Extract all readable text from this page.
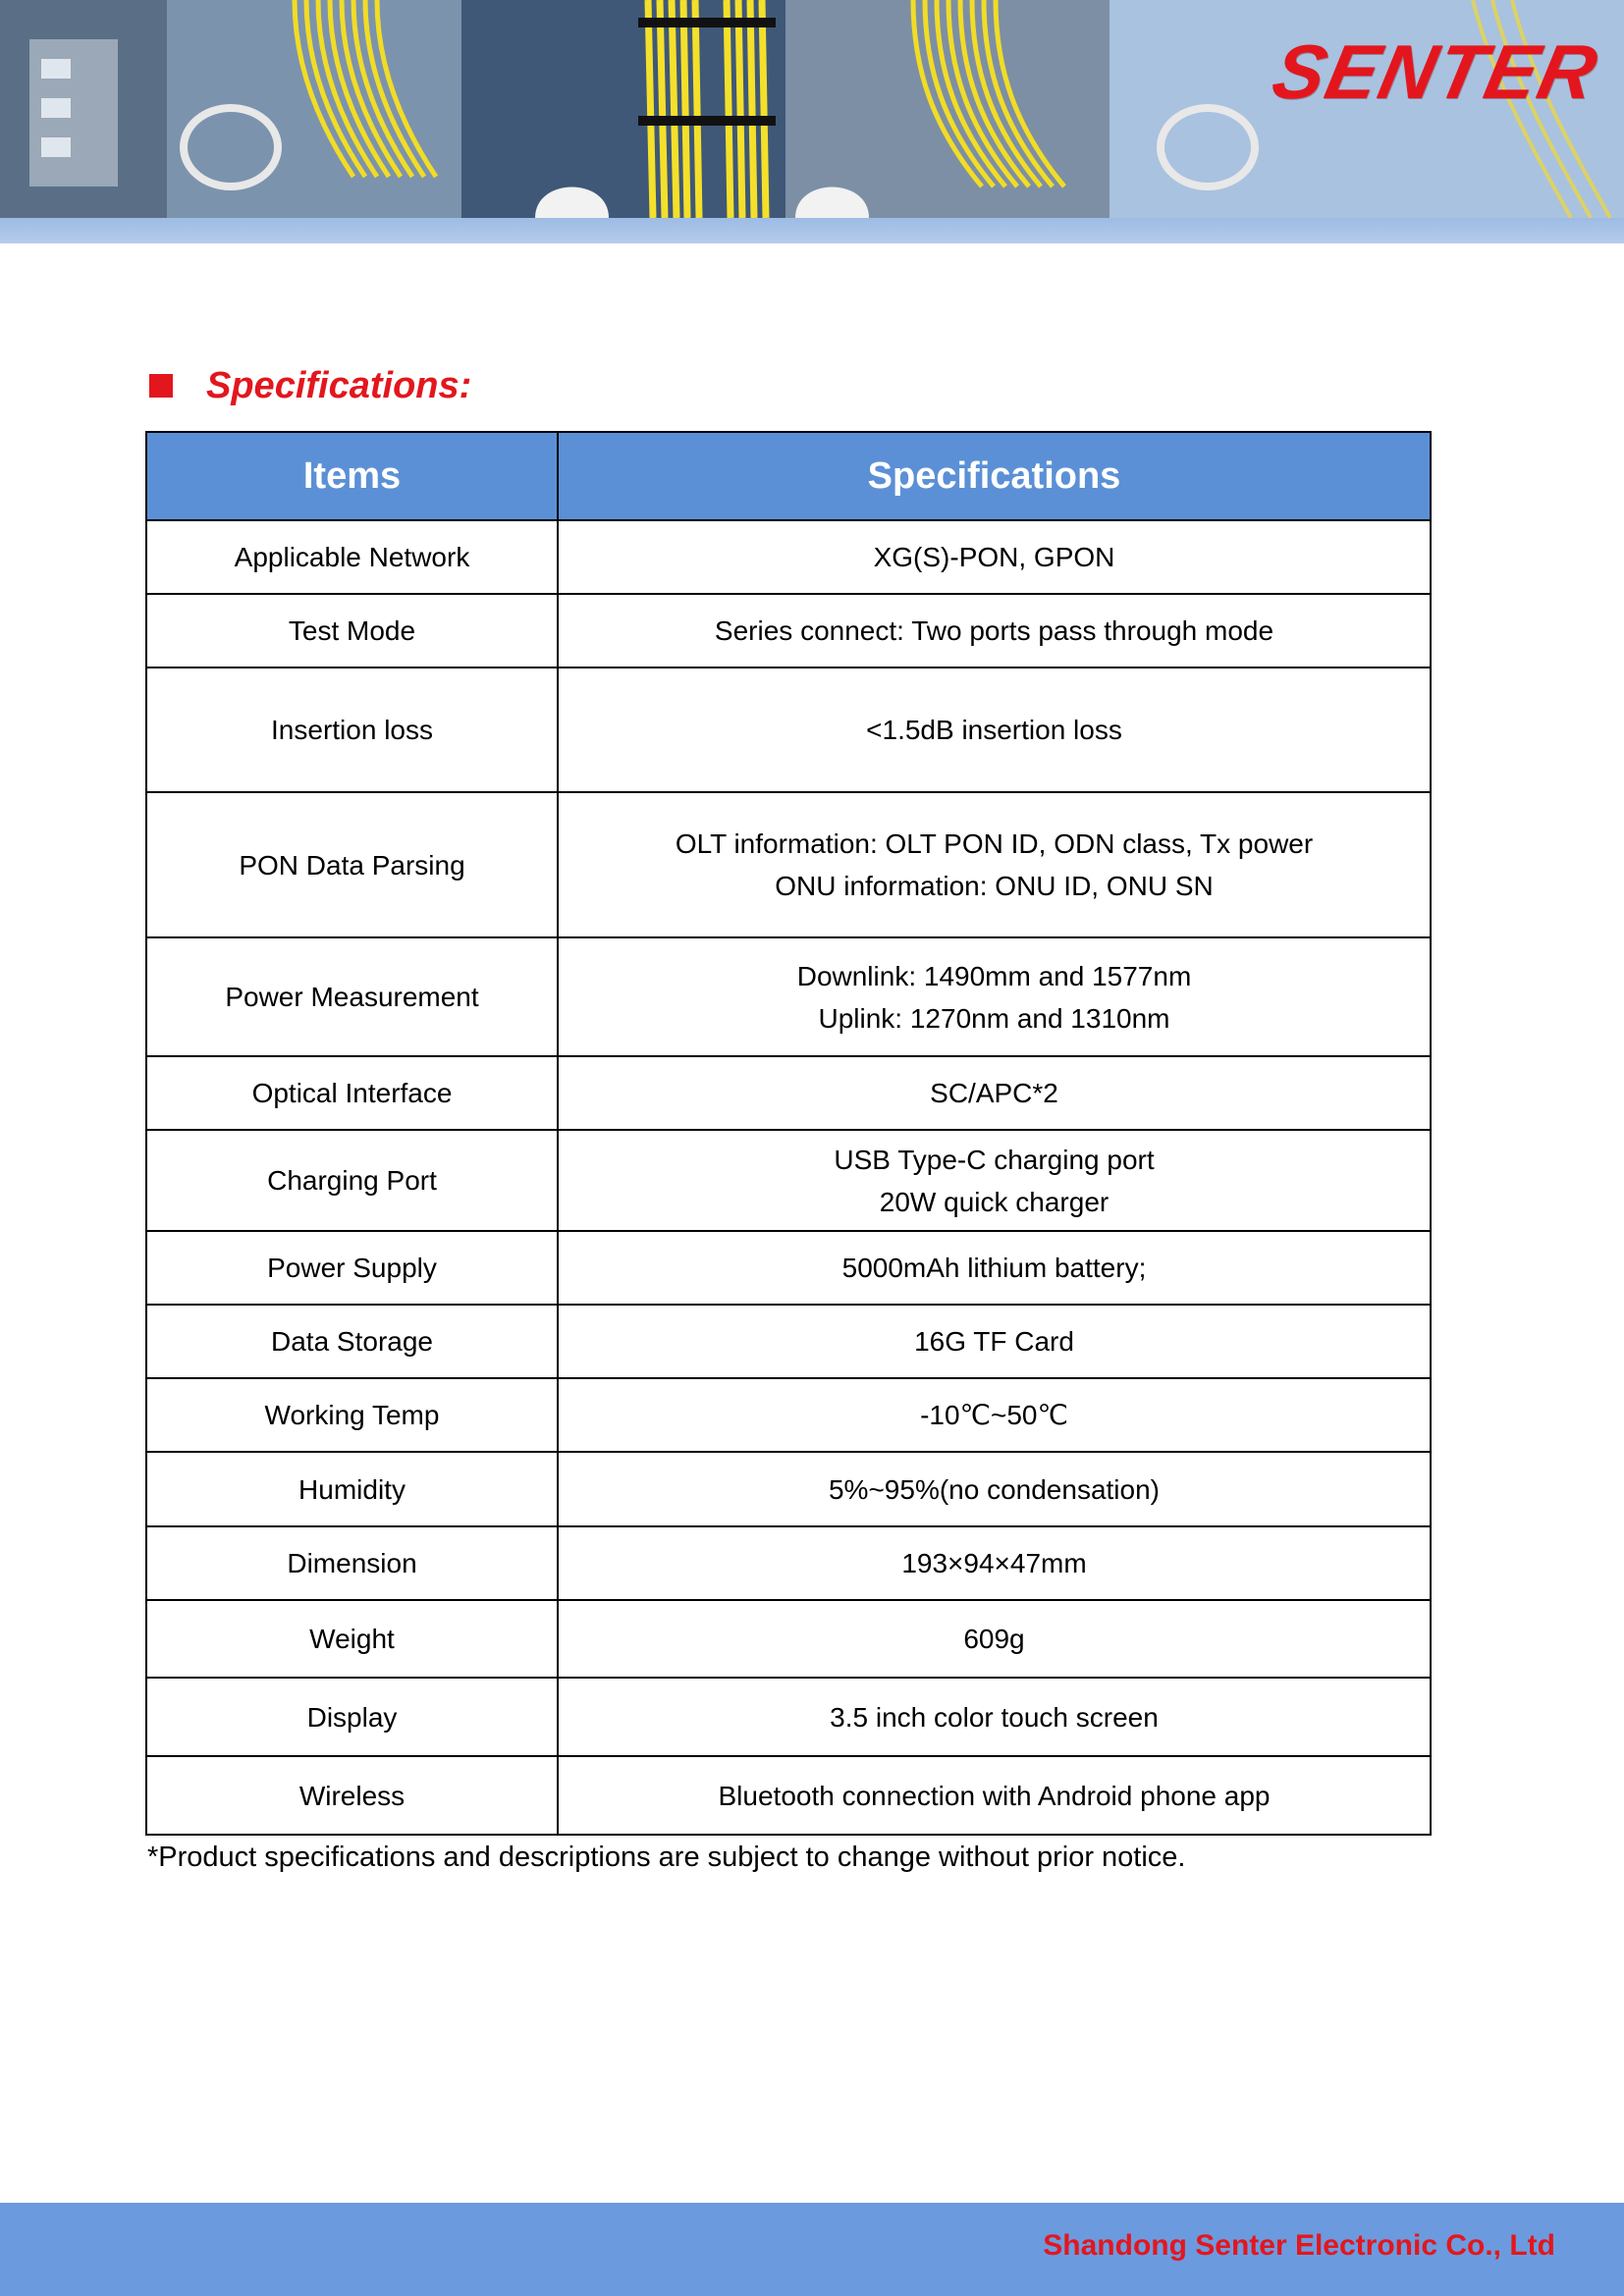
SENTER
Specifications:
Items	Specifications
Applicable Network	XG(S)-PON, GPON

Test Mode	Series connect: Two ports pass through mode

Insertion loss	<1.5dB insertion loss

PON Data Parsing	OLT information: OLT PON ID, ODN class, Tx power
ONU information: ONU ID, ONU SN

Power Measurement	Downlink: 1490mm and 1577nm
Uplink: 1270nm and 1310nm

Optical Interface	SC/APC*2

Charging Port	USB Type-C charging port
20W quick charger

Power Supply	5000mAh lithium battery;

Data Storage	16G TF Card

Working Temp	-10℃~50℃

Humidity	5%~95%(no condensation)

Dimension	193×94×47mm

Weight	609g

Display	3.5 inch color touch screen

Wireless	Bluetooth connection with Android phone app
*Product specifications and descriptions are subject to change without prior notice.
Shandong Senter Electronic Co., Ltd
